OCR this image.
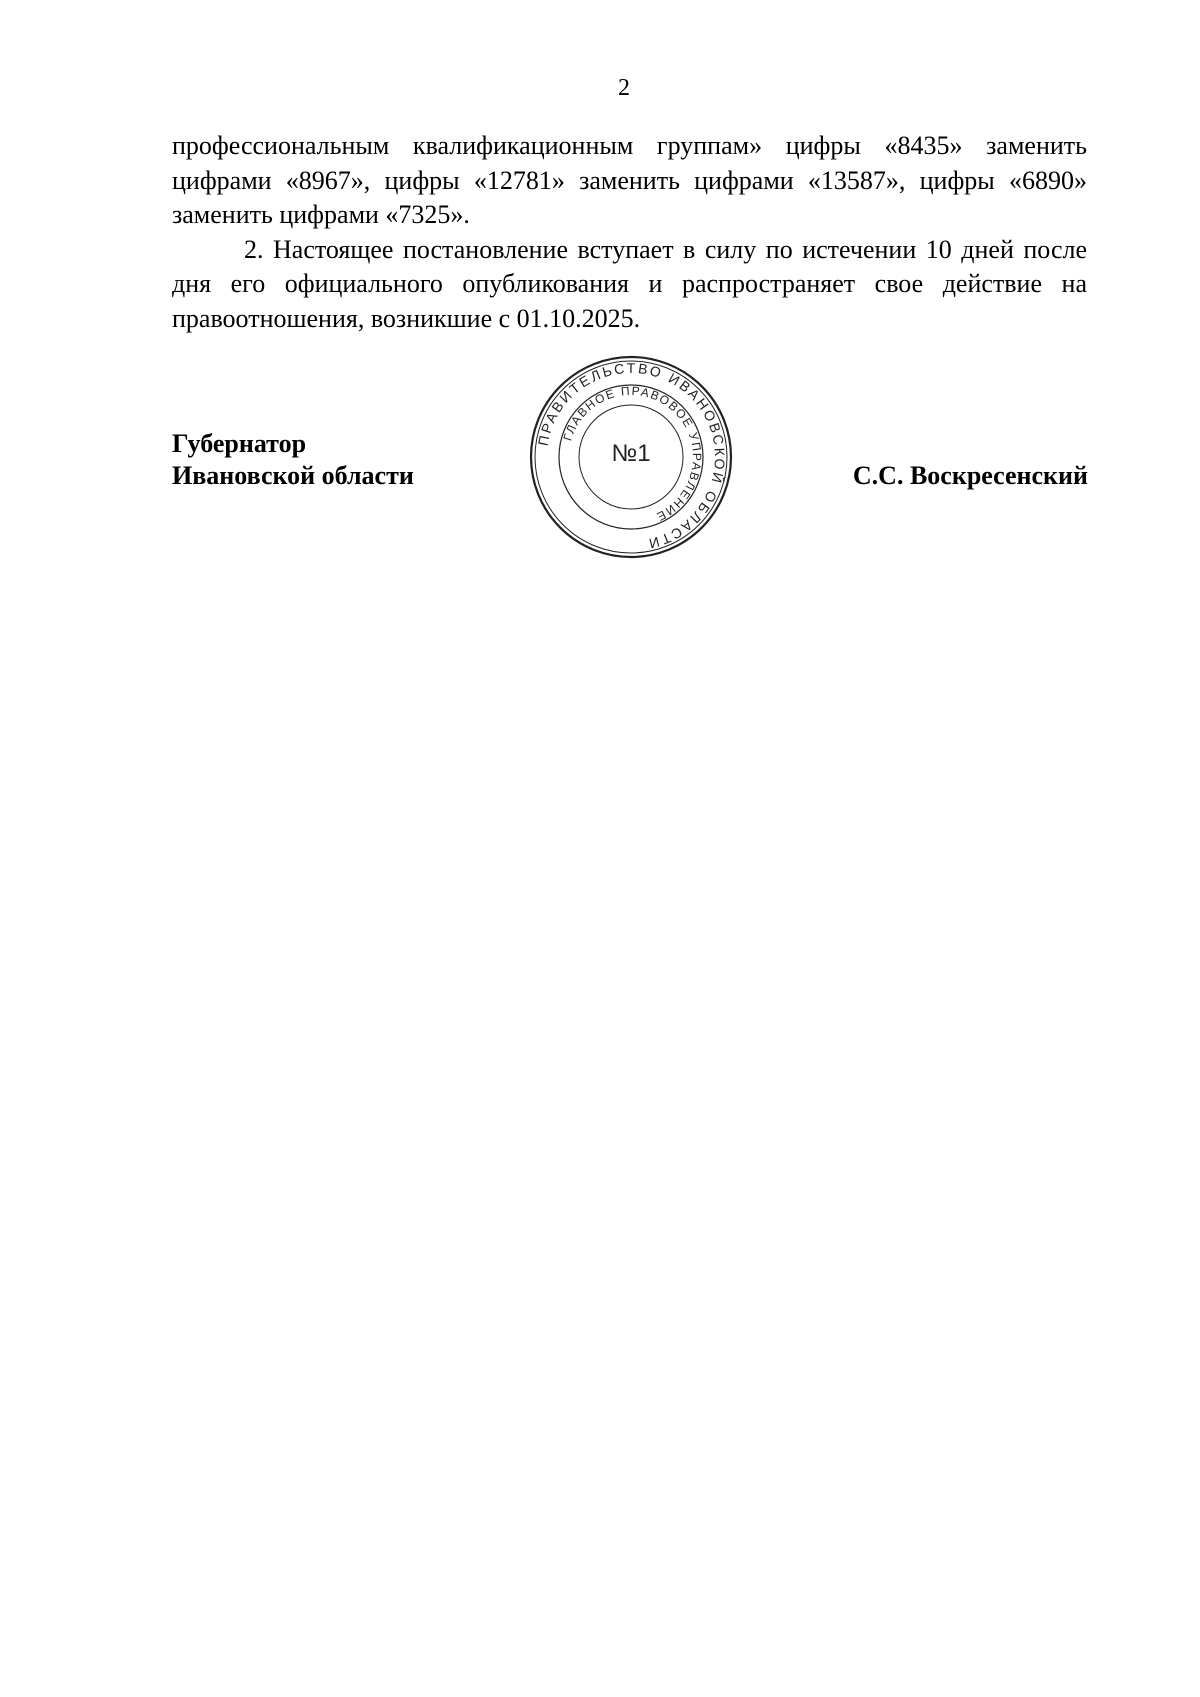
2

профессиональным квалификационным группам» цифры «8435» заменить цифрами «8967», цифры «12781» заменить цифрами «13587», цифры «6890» заменить цифрами «7325».

2. Настоящее постановление вступает в силу по истечении 10 дней после дня его официального опубликования и распространяет свое действие на правоотношения, возникшие с 01.10.2025.

Губернатор
Ивановской области
ПРАВИТЕЛЬСТВО ИВАНОВСКОЙ ОБЛАСТИ
ГЛАВНОЕ ПРАВОВОЕ УПРАВЛЕНИЕ
№1
С.С. Воскресенский
